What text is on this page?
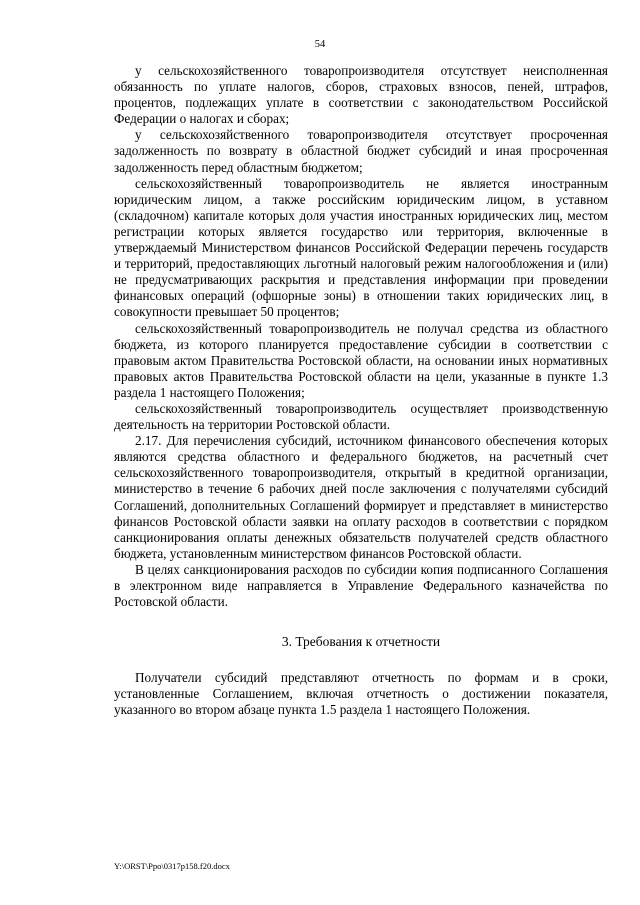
54

у сельскохозяйственного товаропроизводителя отсутствует неисполненная обязанность по уплате налогов, сборов, страховых взносов, пеней, штрафов, процентов, подлежащих уплате в соответствии с законодательством Российской Федерации о налогах и сборах;

у сельскохозяйственного товаропроизводителя отсутствует просроченная задолженность по возврату в областной бюджет субсидий и иная просроченная задолженность перед областным бюджетом;

сельскохозяйственный товаропроизводитель не является иностранным юридическим лицом, а также российским юридическим лицом, в уставном (складочном) капитале которых доля участия иностранных юридических лиц, местом регистрации которых является государство или территория, включенные в утверждаемый Министерством финансов Российской Федерации перечень государств и территорий, предоставляющих льготный налоговый режим налогообложения и (или) не предусматривающих раскрытия и представления информации при проведении финансовых операций (офшорные зоны) в отношении таких юридических лиц, в совокупности превышает 50 процентов;

сельскохозяйственный товаропроизводитель не получал средства из областного бюджета, из которого планируется предоставление субсидии в соответствии с правовым актом Правительства Ростовской области, на основании иных нормативных правовых актов Правительства Ростовской области на цели, указанные в пункте 1.3 раздела 1 настоящего Положения;

сельскохозяйственный товаропроизводитель осуществляет производственную деятельность на территории Ростовской области.

2.17. Для перечисления субсидий, источником финансового обеспечения которых являются средства областного и федерального бюджетов, на расчетный счет сельскохозяйственного товаропроизводителя, открытый в кредитной организации, министерство в течение 6 рабочих дней после заключения с получателями субсидий Соглашений, дополнительных Соглашений формирует и представляет в министерство финансов Ростовской области заявки на оплату расходов в соответствии с порядком санкционирования оплаты денежных обязательств получателей средств областного бюджета, установленным министерством финансов Ростовской области.

В целях санкционирования расходов по субсидии копия подписанного Соглашения в электронном виде направляется в Управление Федерального казначейства по Ростовской области.

3. Требования к отчетности

Получатели субсидий представляют отчетность по формам и в сроки, установленные Соглашением, включая отчетность о достижении показателя, указанного во втором абзаце пункта 1.5 раздела 1 настоящего Положения.

Y:\ORST\Ppo\0317p158.f20.docx
